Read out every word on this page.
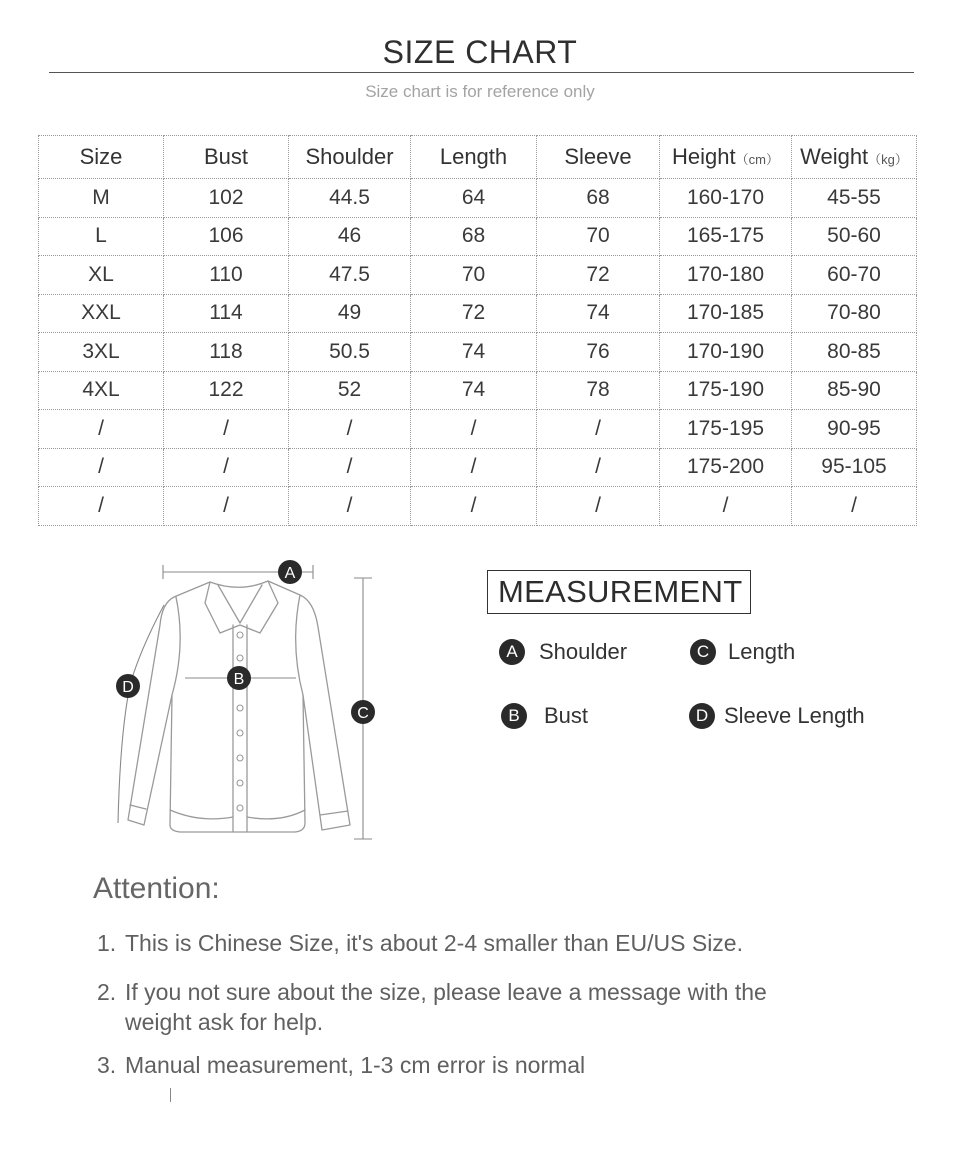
SIZE CHART
Size chart is for reference only
Size	Bust	Shoulder	Length	Sleeve	Height（cm）	Weight（kg）
M	102	44.5	64	68	160-170	45-55
L	106	46	68	70	165-175	50-60
XL	110	47.5	70	72	170-180	60-70
XXL	114	49	72	74	170-185	70-80
3XL	118	50.5	74	76	170-190	80-85
4XL	122	52	74	78	175-190	85-90
/	/	/	/	/	175-195	90-95
/	/	/	/	/	175-200	95-105
/	/	/	/	/	/	/
A
B
C
D
MEASUREMENT
A Shoulder	C Length
B	Bust	D Sleeve Length
Attention:
1. This is Chinese Size, it's about 2-4 smaller than EU/US Size.
2. If you not sure about the size, please leave a message with the
weight ask for help.
3. Manual measurement, 1-3 cm error is normal
